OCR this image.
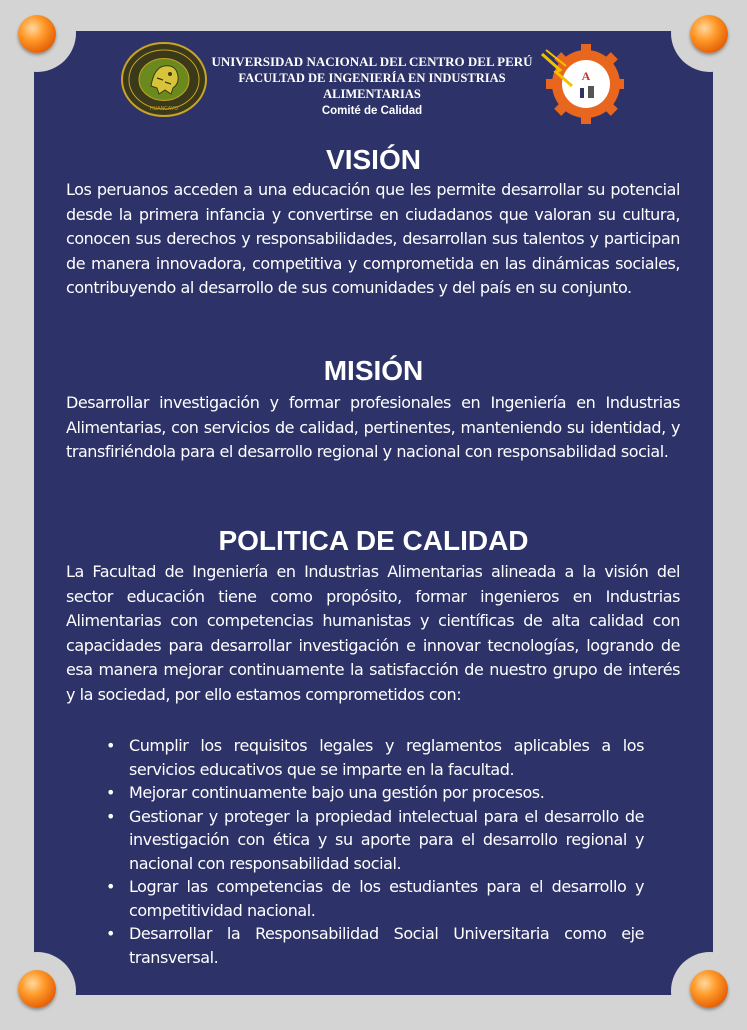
HUANCAYO
UNIVERSIDAD NACIONAL DEL CENTRO DEL PERÚ
FACULTAD DE INGENIERÍA EN INDUSTRIAS ALIMENTARIAS
Comité de Calidad
A
VISIÓN
Los peruanos acceden a una educación que les permite desarrollar su potencial desde la primera infancia y convertirse en ciudadanos que valoran su cultura, conocen sus derechos y responsabilidades, desarrollan sus talentos y participan de manera innovadora, competitiva y comprometida en las dinámicas sociales, contribuyendo al desarrollo de sus comunidades y del país en su conjunto.
MISIÓN
Desarrollar investigación y formar profesionales en Ingeniería en Industrias Alimentarias, con servicios de calidad, pertinentes, manteniendo su identidad, y transfiriéndola para el desarrollo regional y nacional con responsabilidad social.
POLITICA DE CALIDAD
La Facultad de Ingeniería en Industrias Alimentarias alineada a la visión del sector educación tiene como propósito, formar ingenieros en Industrias Alimentarias con competencias humanistas y científicas de alta calidad con capacidades para desarrollar investigación e innovar tecnologías, logrando de esa manera mejorar continuamente la satisfacción de nuestro grupo de interés y la sociedad, por ello estamos comprometidos con:
• Cumplir los requisitos legales y reglamentos aplicables a los servicios educativos que se imparte en la facultad.
• Mejorar continuamente bajo una gestión por procesos.
• Gestionar y proteger la propiedad intelectual para el desarrollo de investigación con ética y su aporte para el desarrollo regional y nacional con responsabilidad social.
• Lograr las competencias de los estudiantes para el desarrollo y competitividad nacional.
• Desarrollar la Responsabilidad Social Universitaria como eje transversal.
